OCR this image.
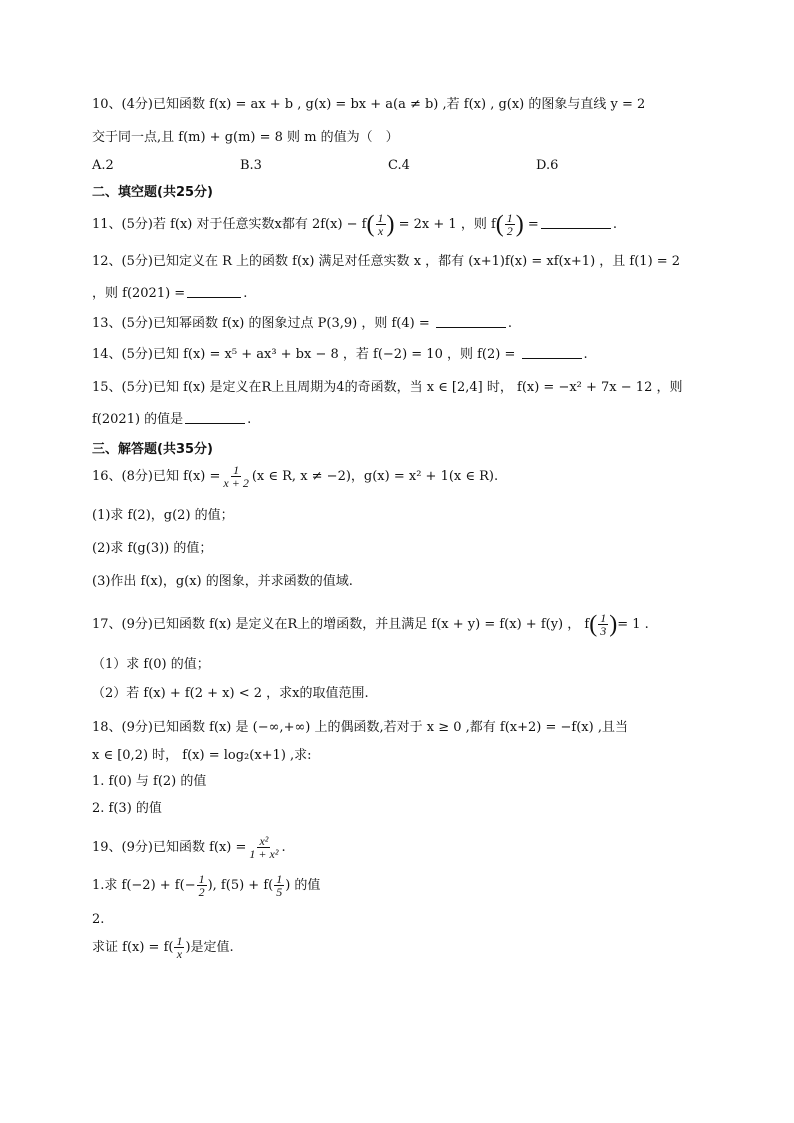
10、(4分)已知函数 f(x) = ax + b , g(x) = bx + a(a ≠ b) ,若 f(x) , g(x) 的图象与直线 y = 2
交于同一点,且 f(m) + g(m) = 8 则 m 的值为（　）
A.2	B.3	C.4	D.6
二、填空题(共25分)
11、(5分)若 f(x) 对于任意实数x都有 $2f(x) - f( \frac{1}{x}$ ) = 2x + 1 ，则 $f( \frac{1}{2}$ ) =	.
12、(5分)已知定义在 R 上的函数 f(x) 满足对任意实数 x ，都有 (x+1)f(x) = xf(x+1) ，且 f(1) = 2
，则 f(2021) =	.
13、(5分)已知幂函数 f(x) 的图象过点 P(3,9) ，则 f(4) =	.
14、(5分)已知 f(x) = x⁵ + ax³ + bx − 8 ，若 f(−2) = 10 ，则 f(2) =	.
15、(5分)已知 f(x) 是定义在R上且周期为4的奇函数，当 x ∈ [2,4] 时， f(x) = −x² + 7x − 12 ，则
f(2021) 的值是	.
三、解答题(共35分)
16、(8分)已知 $f(x) = \frac{1}{x + 2} (x$ ∈ R, x ≠ −2)，g(x) = x² + 1(x ∈ R).
(1)求 f(2)，g(2) 的值；
(2)求 f(g(3)) 的值；
(3)作出 f(x)，g(x) 的图象，并求函数的值域.
17、(9分)已知函数 f(x) 是定义在R上的增函数，并且满足 f(x + y) = f(x) + f(y) ， $f( \frac{1}{3}$ )= 1 .
（1）求 f(0) 的值；
（2）若 f(x) + f(2 + x) < 2 ，求x的取值范围.
18、(9分)已知函数 f(x) 是 (−∞,+∞) 上的偶函数,若对于 x ≥ 0 ,都有 f(x+2) = −f(x) ,且当
x ∈ [0,2) 时， f(x) = log₂(x+1) ,求:
1. f(0) 与 f(2) 的值
2. f(3) 的值
19、(9分)已知函数 $f(x) = \frac{\text{x²}}{\text{1 + x²}}$ .
1.求 $f(-2) + f(- \frac{1}{2}$ ), $f(5) + f( \frac{1}{5}$ ) 的值
2.
求证 $f(x) = f( \frac{1}{x}$ )是定值.
